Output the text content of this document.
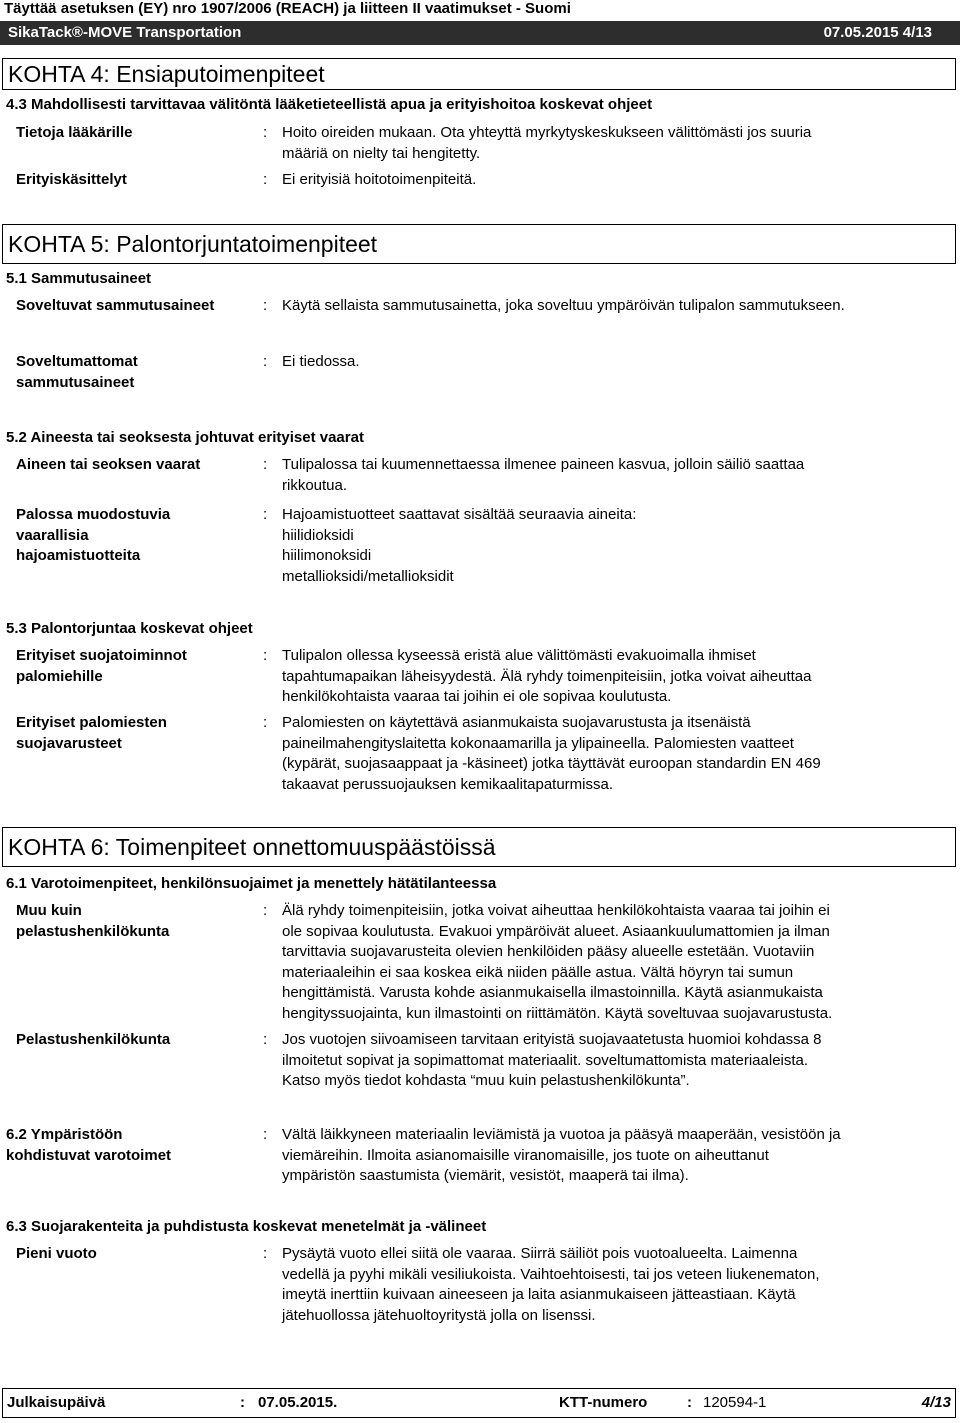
Täyttää asetuksen (EY) nro 1907/2006 (REACH) ja liitteen II vaatimukset - Suomi
SikaTack®-MOVE Transportation	07.05.2015 4/13
KOHTA 4: Ensiaputoimenpiteet
4.3 Mahdollisesti tarvittavaa välitöntä lääketieteellistä apua ja erityishoitoa koskevat ohjeet
Tietoja lääkärille	: Hoito oireiden mukaan. Ota yhteyttä myrkytyskeskukseen välittömästi jos suuria
määriä on nielty tai hengitetty.
Erityiskäsittelyt	: Ei erityisiä hoitotoimenpiteitä.
KOHTA 5: Palontorjuntatoimenpiteet
5.1 Sammutusaineet
Soveltuvat sammutusaineet	: Käytä sellaista sammutusainetta, joka soveltuu ympäröivän tulipalon sammutukseen.
Soveltumattomat
sammutusaineet
: Ei tiedossa.
5.2 Aineesta tai seoksesta johtuvat erityiset vaarat
Aineen tai seoksen vaarat	: Tulipalossa tai kuumennettaessa ilmenee paineen kasvua, jolloin säiliö saattaa
rikkoutua.
Palossa muodostuvia
vaarallisia
hajoamistuotteita
: Hajoamistuotteet saattavat sisältää seuraavia aineita:
hiilidioksidi
hiilimonoksidi
metallioksidi/metallioksidit
5.3 Palontorjuntaa koskevat ohjeet
Erityiset suojatoiminnot
palomiehille
: Tulipalon ollessa kyseessä eristä alue välittömästi evakuoimalla ihmiset
tapahtumapaikan läheisyydestä. Älä ryhdy toimenpiteisiin, jotka voivat aiheuttaa
henkilökohtaista vaaraa tai joihin ei ole sopivaa koulutusta.
Erityiset palomiesten
suojavarusteet
: Palomiesten on käytettävä asianmukaista suojavarustusta ja itsenäistä
paineilmahengityslaitetta kokonaamarilla ja ylipaineella. Palomiesten vaatteet
(kypärät, suojasaappaat ja -käsineet) jotka täyttävät euroopan standardin EN 469
takaavat perussuojauksen kemikaalitapaturmissa.
KOHTA 6: Toimenpiteet onnettomuuspäästöissä
6.1 Varotoimenpiteet, henkilönsuojaimet ja menettely hätätilanteessa
Muu kuin
pelastushenkilökunta
: Älä ryhdy toimenpiteisiin, jotka voivat aiheuttaa henkilökohtaista vaaraa tai joihin ei
ole sopivaa koulutusta. Evakuoi ympäröivät alueet. Asiaankuulumattomien ja ilman
tarvittavia suojavarusteita olevien henkilöiden pääsy alueelle estetään. Vuotaviin
materiaaleihin ei saa koskea eikä niiden päälle astua. Vältä höyryn tai sumun
hengittämistä. Varusta kohde asianmukaisella ilmastoinnilla. Käytä asianmukaista
hengityssuojainta, kun ilmastointi on riittämätön. Käytä soveltuvaa suojavarustusta.
Pelastushenkilökunta	: Jos vuotojen siivoamiseen tarvitaan erityistä suojavaatetusta huomioi kohdassa 8
ilmoitetut sopivat ja sopimattomat materiaalit. soveltumattomista materiaaleista.
Katso myös tiedot kohdasta “muu kuin pelastushenkilökunta”.
6.2 Ympäristöön
kohdistuvat varotoimet
: Vältä läikkyneen materiaalin leviämistä ja vuotoa ja pääsyä maaperään, vesistöön ja
viemäreihin. Ilmoita asianomaisille viranomaisille, jos tuote on aiheuttanut
ympäristön saastumista (viemärit, vesistöt, maaperä tai ilma).
6.3 Suojarakenteita ja puhdistusta koskevat menetelmät ja -välineet
Pieni vuoto	: Pysäytä vuoto ellei siitä ole vaaraa. Siirrä säiliöt pois vuotoalueelta. Laimenna
vedellä ja pyyhi mikäli vesiliukoista. Vaihtoehtoisesti, tai jos veteen liukenematon,
imeytä inerttiin kuivaan aineeseen ja laita asianmukaiseen jätteastiaan. Käytä
jätehuollossa jätehuoltoyritystä jolla on lisenssi.
Julkaisupäivä	: 07.05.2015.	KTT-numero	: 120594-1	4/13
